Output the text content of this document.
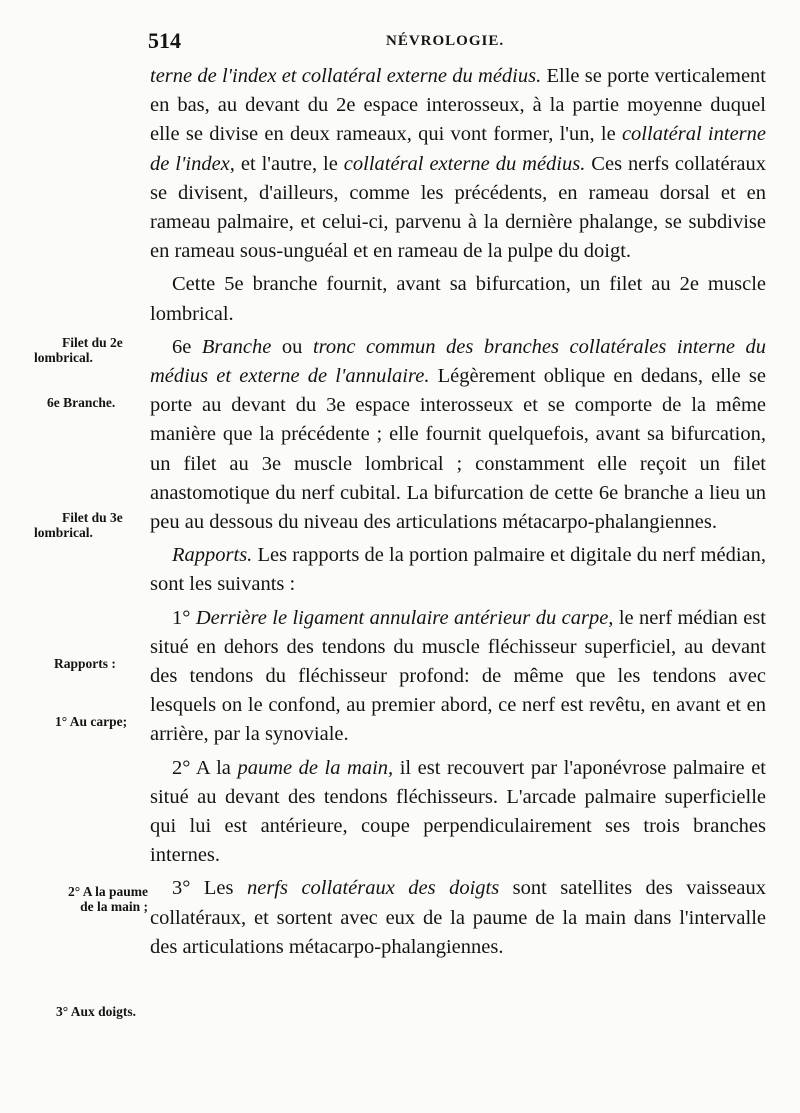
514	NÉVROLOGIE.
Filet du 2e
lombrical.
6e Branche.
Filet du 3e
lombrical.
Rapports :
1° Au carpe;
2° A la paume
de la main ;
3° Aux doigts.

terne de l'index et collatéral externe du médius. Elle se porte verticalement en bas, au devant du 2e espace interosseux, à la partie moyenne duquel elle se divise en deux rameaux, qui vont former, l'un, le collatéral interne de l'index, et l'autre, le collatéral externe du médius. Ces nerfs collatéraux se divisent, d'ailleurs, comme les précédents, en rameau dorsal et en rameau palmaire, et celui-ci, parvenu à la dernière phalange, se subdivise en rameau sous-unguéal et en rameau de la pulpe du doigt.

Cette 5e branche fournit, avant sa bifurcation, un filet au 2e muscle lombrical.

6e Branche ou tronc commun des branches collatérales interne du médius et externe de l'annulaire. Légèrement oblique en dedans, elle se porte au devant du 3e espace interosseux et se comporte de la même manière que la précédente ; elle fournit quelquefois, avant sa bifurcation, un filet au 3e muscle lombrical ; constamment elle reçoit un filet anastomotique du nerf cubital. La bifurcation de cette 6e branche a lieu un peu au dessous du niveau des articulations métacarpo-phalangiennes.

Rapports. Les rapports de la portion palmaire et digitale du nerf médian, sont les suivants :

1° Derrière le ligament annulaire antérieur du carpe, le nerf médian est situé en dehors des tendons du muscle fléchisseur superficiel, au devant des tendons du fléchisseur profond: de même que les tendons avec lesquels on le confond, au premier abord, ce nerf est revêtu, en avant et en arrière, par la synoviale.

2° A la paume de la main, il est recouvert par l'aponévrose palmaire et situé au devant des tendons fléchisseurs. L'arcade palmaire superficielle qui lui est antérieure, coupe perpendiculairement ses trois branches internes.

3° Les nerfs collatéraux des doigts sont satellites des vaisseaux collatéraux, et sortent avec eux de la paume de la main dans l'intervalle des articulations métacarpo-phalangiennes.
